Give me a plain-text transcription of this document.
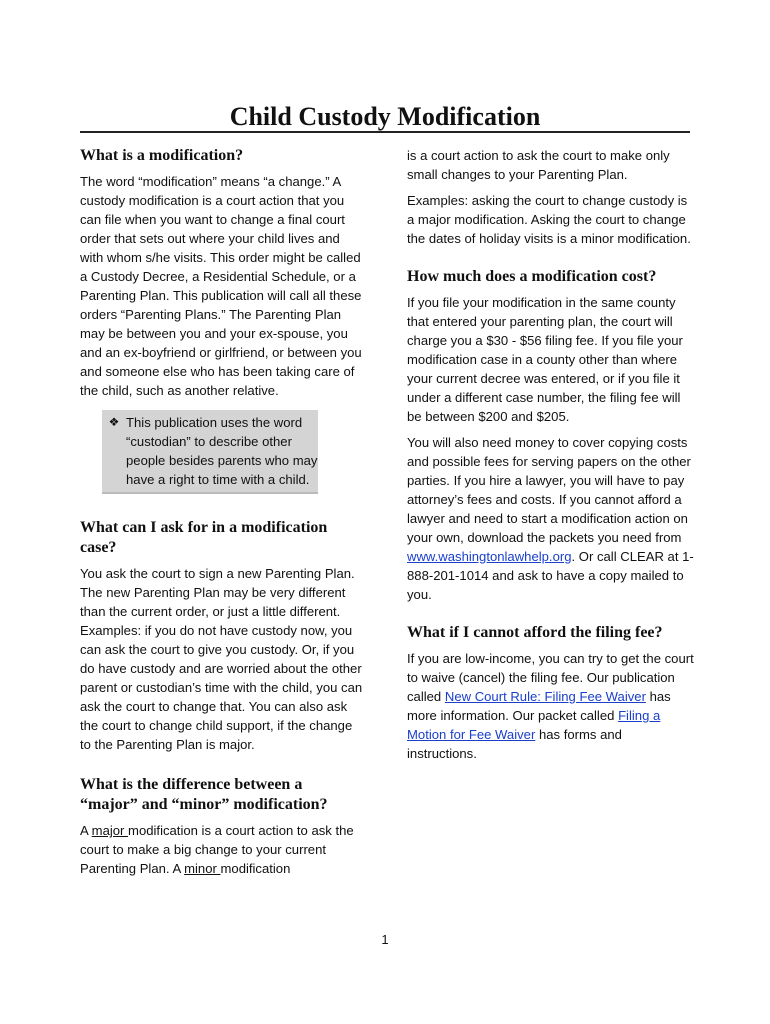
Child Custody Modification
What is a modification?

The word “modification” means “a change.” A custody modification is a court action that you can file when you want to change a final court order that sets out where your child lives and with whom s/he visits. This order might be called a Custody Decree, a Residential Schedule, or a Parenting Plan. This publication will call all these orders “Parenting Plans.” The Parenting Plan may be between you and your ex-spouse, you and an ex-boyfriend or girlfriend, or between you and someone else who has been taking care of the child, such as another relative.

❖ This publication uses the word “custodian” to describe other people besides parents who may have a right to time with a child.
What can I ask for in a modification case?

You ask the court to sign a new Parenting Plan. The new Parenting Plan may be very different than the current order, or just a little different. Examples: if you do not have custody now, you can ask the court to give you custody. Or, if you do have custody and are worried about the other parent or custodian’s time with the child, you can ask the court to change that. You can also ask the court to change child support, if the change to the Parenting Plan is major.

What is the difference between a “major” and “minor” modification?

A major modification is a court action to ask the court to make a big change to your current Parenting Plan. A minor modification

is a court action to ask the court to make only small changes to your Parenting Plan.

Examples: asking the court to change custody is a major modification. Asking the court to change the dates of holiday visits is a minor modification.

How much does a modification cost?

If you file your modification in the same county that entered your parenting plan, the court will charge you a $30 - $56 filing fee. If you file your modification case in a county other than where your current decree was entered, or if you file it under a different case number, the filing fee will be between $200 and $205.

You will also need money to cover copying costs and possible fees for serving papers on the other parties. If you hire a lawyer, you will have to pay attorney’s fees and costs. If you cannot afford a lawyer and need to start a modification action on your own, download the packets you need from www.washingtonlawhelp.org. Or call CLEAR at 1-888-201-1014 and ask to have a copy mailed to you.

What if I cannot afford the filing fee?

If you are low-income, you can try to get the court to waive (cancel) the filing fee. Our publication called New Court Rule: Filing Fee Waiver has more information. Our packet called Filing a Motion for Fee Waiver has forms and instructions.

1
